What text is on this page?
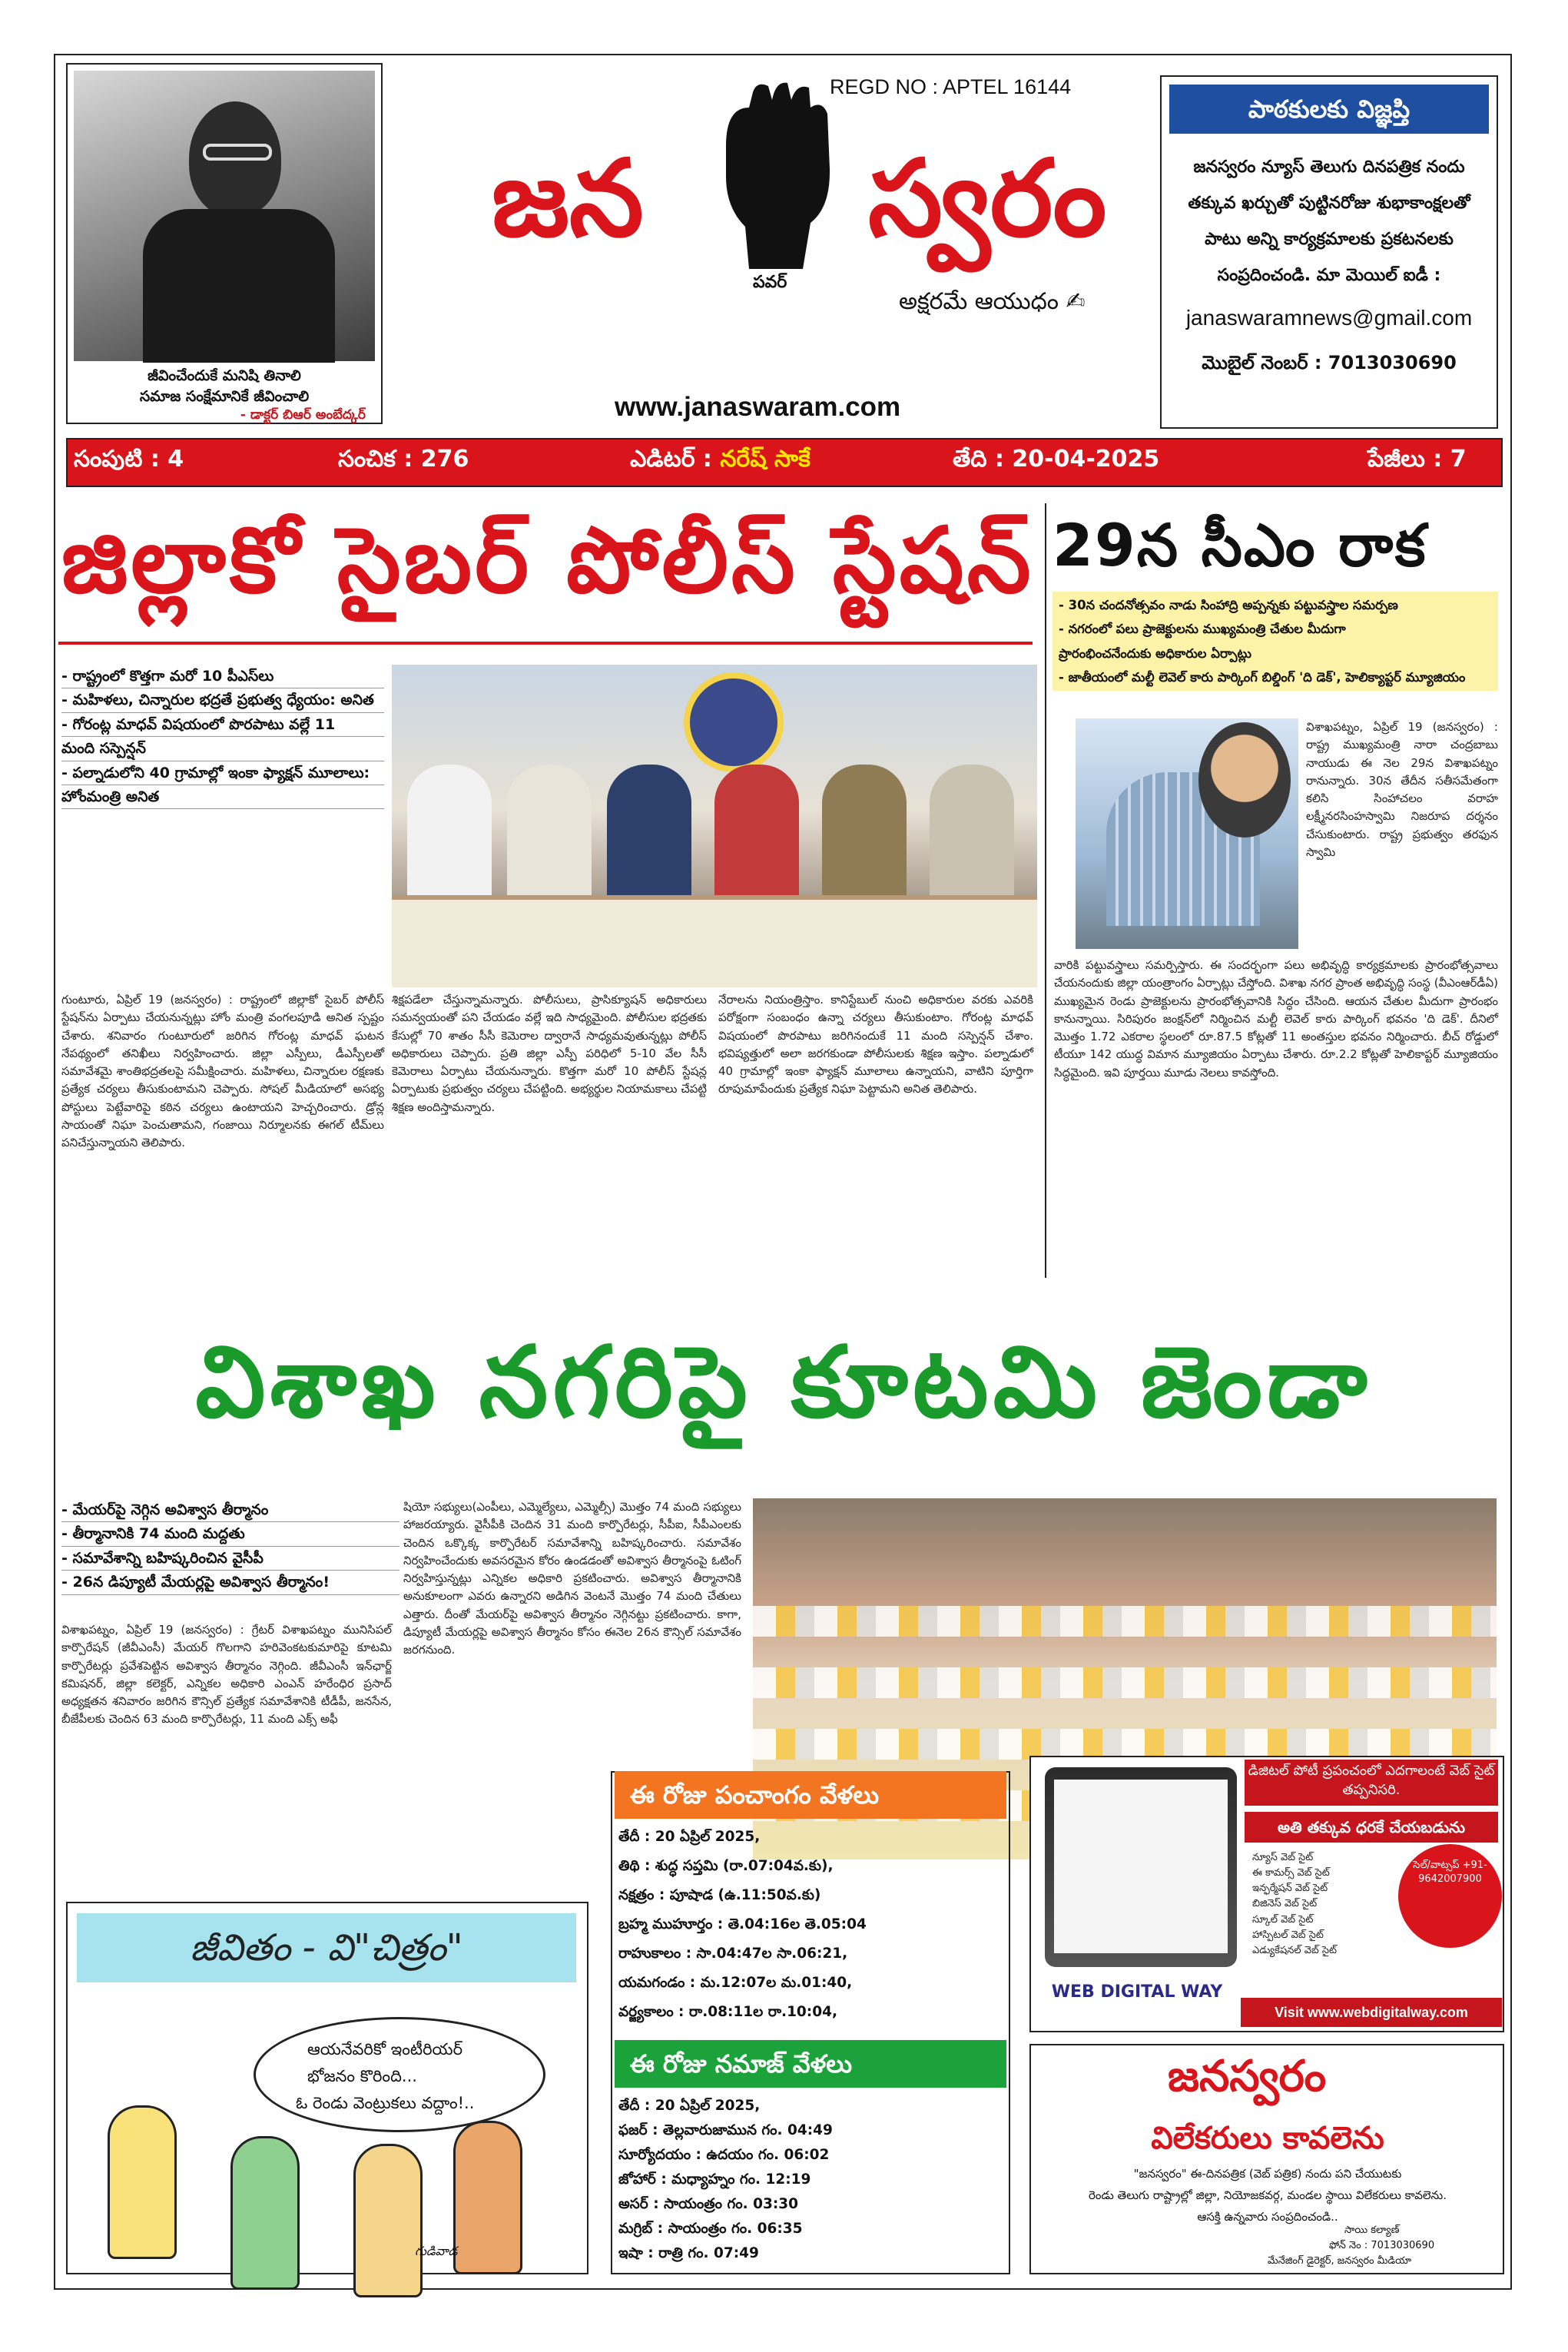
జీవించేందుకే మనిషి తినాలి
సమాజ సంక్షేమానికే జీవించాలి
- డాక్టర్ బిఆర్ అంబేద్కర్
REGD NO : APTEL 16144
జన
పవర్
స్వరం
అక్షరమే ఆయుధం ✍
www.janaswaram.com
పాఠకులకు విజ్ఞప్తి
జనస్వరం న్యూస్ తెలుగు దినపత్రిక నందు
తక్కువ ఖర్చుతో పుట్టినరోజు శుభాకాంక్షలతో
పాటు అన్ని కార్యక్రమాలకు ప్రకటనలకు
సంప్రదించండి. మా మెయిల్ ఐడీ :
janaswaramnews@gmail.com
మొబైల్ నెంబర్ : 7013030690
సంపుటి : 4	సంచిక : 276	ఎడిటర్ : నరేష్ సాకే	తేది : 20-04-2025	పేజీలు : 7
జిల్లాకో సైబర్ పోలీస్ స్టేషన్
- రాష్ట్రంలో కొత్తగా మరో 10 పీఎస్‌లు
- మహిళలు, చిన్నారుల భద్రతే ప్రభుత్వ ధ్యేయం: అనిత
- గోరంట్ల మాధవ్ విషయంలో పొరపాటు వల్లే 11
మంది సస్పెన్షన్
- పల్నాడులోని 40 గ్రామాల్లో ఇంకా ఫ్యాక్షన్ మూలాలు:
హోంమంత్రి అనిత
గుంటూరు, ఏప్రిల్ 19 (జనస్వరం) : రాష్ట్రంలో జిల్లాకో సైబర్ పోలీస్ స్టేషన్‌ను ఏర్పాటు చేయనున్నట్లు హోం మంత్రి వంగలపూడి అనిత స్పష్టం చేశారు. శనివారం గుంటూరులో జరిగిన గోరంట్ల మాధవ్ ఘటన నేపథ్యంలో తనిఖీలు నిర్వహించారు. జిల్లా ఎస్పీలు, డీఎస్పీలతో సమావేశమై శాంతిభద్రతలపై సమీక్షించారు. మహిళలు, చిన్నారుల రక్షణకు ప్రత్యేక చర్యలు తీసుకుంటామని చెప్పారు. సోషల్ మీడియాలో అసభ్య పోస్టులు పెట్టేవారిపై కఠిన చర్యలు ఉంటాయని హెచ్చరించారు. డ్రోన్ల సాయంతో నిఘా పెంచుతామని, గంజాయి నిర్మూలనకు ఈగల్ టీమ్‌లు పనిచేస్తున్నాయని తెలిపారు.
శిక్షపడేలా చేస్తున్నామన్నారు. పోలీసులు, ప్రాసిక్యూషన్ అధికారులు సమన్వయంతో పని చేయడం వల్లే ఇది సాధ్యమైంది. పోలీసుల భద్రతకు కేసుల్లో 70 శాతం సీసీ కెమెరాల ద్వారానే సాధ్యమవుతున్నట్లు పోలీస్ అధికారులు చెప్పారు. ప్రతి జిల్లా ఎస్పీ పరిధిలో 5-10 వేల సీసీ కెమెరాలు ఏర్పాటు చేయనున్నారు. కొత్తగా మరో 10 పోలీస్ స్టేషన్ల ఏర్పాటుకు ప్రభుత్వం చర్యలు చేపట్టింది. అభ్యర్థుల నియామకాలు చేపట్టి శిక్షణ అందిస్తామన్నారు.
నేరాలను నియంత్రిస్తాం. కానిస్టేబుల్ నుంచి అధికారుల వరకు ఎవరికి పరోక్షంగా సంబంధం ఉన్నా చర్యలు తీసుకుంటాం. గోరంట్ల మాధవ్ విషయంలో పొరపాటు జరిగినందుకే 11 మంది సస్పెన్షన్ చేశాం. భవిష్యత్తులో అలా జరగకుండా పోలీసులకు శిక్షణ ఇస్తాం. పల్నాడులో 40 గ్రామాల్లో ఇంకా ఫ్యాక్షన్ మూలాలు ఉన్నాయని, వాటిని పూర్తిగా రూపుమాపేందుకు ప్రత్యేక నిఘా పెట్టామని అనిత తెలిపారు.
29న సీఎం రాక
- 30న చందనోత్సవం నాడు సింహాద్రి అప్పన్నకు పట్టువస్త్రాల సమర్పణ
- నగరంలో పలు ప్రాజెక్టులను ముఖ్యమంత్రి చేతుల మీదుగా
ప్రారంభించనేందుకు అధికారుల ఏర్పాట్లు
- జాతీయంలో మల్టీ లెవెల్ కారు పార్కింగ్ బిల్డింగ్ 'ది డెక్', హెలిక్యాప్టర్ మ్యూజియం
విశాఖపట్నం, ఏప్రిల్ 19 (జనస్వరం) : రాష్ట్ర ముఖ్యమంత్రి నారా చంద్రబాబు నాయుడు ఈ నెల 29న విశాఖపట్నం రానున్నారు. 30న తేదీన సతీసమేతంగా కలిసి సింహాచలం వరాహ లక్ష్మీనరసింహస్వామి నిజరూప దర్శనం చేసుకుంటారు. రాష్ట్ర ప్రభుత్వం తరఫున స్వామి
వారికి పట్టువస్త్రాలు సమర్పిస్తారు. ఈ సందర్భంగా పలు అభివృద్ధి కార్యక్రమాలకు ప్రారంభోత్సవాలు చేయనందుకు జిల్లా యంత్రాంగం ఏర్పాట్లు చేస్తోంది. విశాఖ నగర ప్రాంత అభివృద్ధి సంస్థ (వీఎంఆర్‌డీఏ) ముఖ్యమైన రెండు ప్రాజెక్టులను ప్రారంభోత్సవానికి సిద్ధం చేసింది. ఆయన చేతుల మీదుగా ప్రారంభం కానున్నాయి. సిరిపురం జంక్షన్‌లో నిర్మించిన మల్టీ లెవెల్ కారు పార్కింగ్ భవనం 'ది డెక్'. దీనిలో మొత్తం 1.72 ఎకరాల స్థలంలో రూ.87.5 కోట్లతో 11 అంతస్తుల భవనం నిర్మించారు. బీచ్ రోడ్డులో టీయూ 142 యుద్ధ విమాన మ్యూజియం ఏర్పాటు చేశారు. రూ.2.2 కోట్లతో హెలికాప్టర్ మ్యూజియం సిద్ధమైంది. ఇవి పూర్తయి మూడు నెలలు కావస్తోంది.
విశాఖ నగరిపై కూటమి జెండా
- మేయర్‌పై నెగ్గిన అవిశ్వాస తీర్మానం
- తీర్మానానికి 74 మంది మద్దతు
- సమావేశాన్ని బహిష్కరించిన వైసీపీ
- 26న డిప్యూటీ మేయర్లపై అవిశ్వాస తీర్మానం!
విశాఖపట్నం, ఏప్రిల్ 19 (జనస్వరం) : గ్రేటర్ విశాఖపట్నం మునిసిపల్ కార్పొరేషన్ (జీవీఎంసీ) మేయర్ గొలగాని హరివెంకటకుమారిపై కూటమి కార్పొరేటర్లు ప్రవేశపెట్టిన అవిశ్వాస తీర్మానం నెగ్గింది. జీవీఎంసీ ఇన్‌ఛార్జ్ కమిషనర్, జిల్లా కలెక్టర్, ఎన్నికల అధికారి ఎంఎన్ హరేంధిర ప్రసాద్ అధ్యక్షతన శనివారం జరిగిన కౌన్సిల్ ప్రత్యేక సమావేశానికి టీడీపీ, జనసేన, బీజేపీలకు చెందిన 63 మంది కార్పొరేటర్లు, 11 మంది ఎక్స్ అఫీ
షియో సభ్యులు(ఎంపీలు, ఎమ్మెల్యేలు, ఎమ్మెల్సీ) మొత్తం 74 మంది సభ్యులు హాజరయ్యారు. వైసీపీకి చెందిన 31 మంది కార్పొరేటర్లు, సీపీఐ, సీపీఎంలకు చెందిన ఒక్కొక్క కార్పొరేటర్ సమావేశాన్ని బహిష్కరించారు. సమావేశం నిర్వహించేందుకు అవసరమైన కోరం ఉండడంతో అవిశ్వాస తీర్మానంపై ఓటింగ్ నిర్వహిస్తున్నట్లు ఎన్నికల అధికారి ప్రకటించారు. అవిశ్వాస తీర్మానానికి అనుకూలంగా ఎవరు ఉన్నారని అడిగిన వెంటనే మొత్తం 74 మంది చేతులు ఎత్తారు. దీంతో మేయర్‌పై అవిశ్వాస తీర్మానం నెగ్గినట్టు ప్రకటించారు. కాగా, డిప్యూటీ మేయర్లపై అవిశ్వాస తీర్మానం కోసం ఈనెల 26న కౌన్సిల్ సమావేశం జరగనుంది.
జీవితం - వి"చిత్రం"
ఆయనేవరికో ఇంటీరియర్
భోజనం కొరింది...
ఓ రెండు వెంట్రుకలు వద్దాం!..
గుడివాడ
ఈ రోజు పంచాంగం వేళలు
తేదీ : 20 ఏప్రిల్ 2025,
తిథి : శుద్ధ సప్తమి (రా.07:04వ.కు),
నక్షత్రం : పూషాడ (ఉ.11:50వ.కు)
బ్రహ్మ ముహూర్తం : తె.04:16ల తె.05:04
రాహుకాలం : సా.04:47ల సా.06:21,
యమగండం : మ.12:07ల మ.01:40,
వర్జ్యకాలం : రా.08:11ల రా.10:04,
ఈ రోజు నమాజ్ వేళలు
తేదీ : 20 ఏప్రిల్ 2025,
ఫజర్ : తెల్లవారుజామున గం. 04:49
సూర్యోదయం : ఉదయం గం. 06:02
జోహార్ : మధ్యాహ్నం గం. 12:19
అసర్ : సాయంత్రం గం. 03:30
మగ్రిబ్ : సాయంత్రం గం. 06:35
ఇషా : రాత్రి గం. 07:49
డిజిటల్ పోటీ ప్రపంచంలో ఎదగాలంటే వెబ్ సైట్ తప్పనిసరి.
అతి తక్కువ ధరకే చేయబడును
న్యూస్ వెబ్ సైట్
ఈ కామర్స్ వెబ్ సైట్
ఇన్ఫర్మేషన్ వెబ్ సైట్
బిజినెస్ వెబ్ సైట్
స్కూల్ వెబ్ సైట్
హాస్పిటల్ వెబ్ సైట్
ఎడ్యుకేషనల్ వెబ్ సైట్
సెల్/వాట్సప్ +91-9642007900
WEB DIGITAL WAY
Visit www.webdigitalway.com
జనస్వరం
విలేకరులు కావలెను
"జనస్వరం" ఈ-దినపత్రిక (వెబ్ పత్రిక) నందు పని చేయుటకు
రెండు తెలుగు రాష్ట్రాల్లో జిల్లా, నియోజకవర్గ, మండల స్థాయి విలేకరులు కావలెను.
ఆసక్తి ఉన్నవారు సంప్రదించండి..
సాయి కల్యాణ్
ఫోన్ నెం : 7013030690
మేనేజింగ్ డైరెక్టర్, జనస్వరం మీడియా
